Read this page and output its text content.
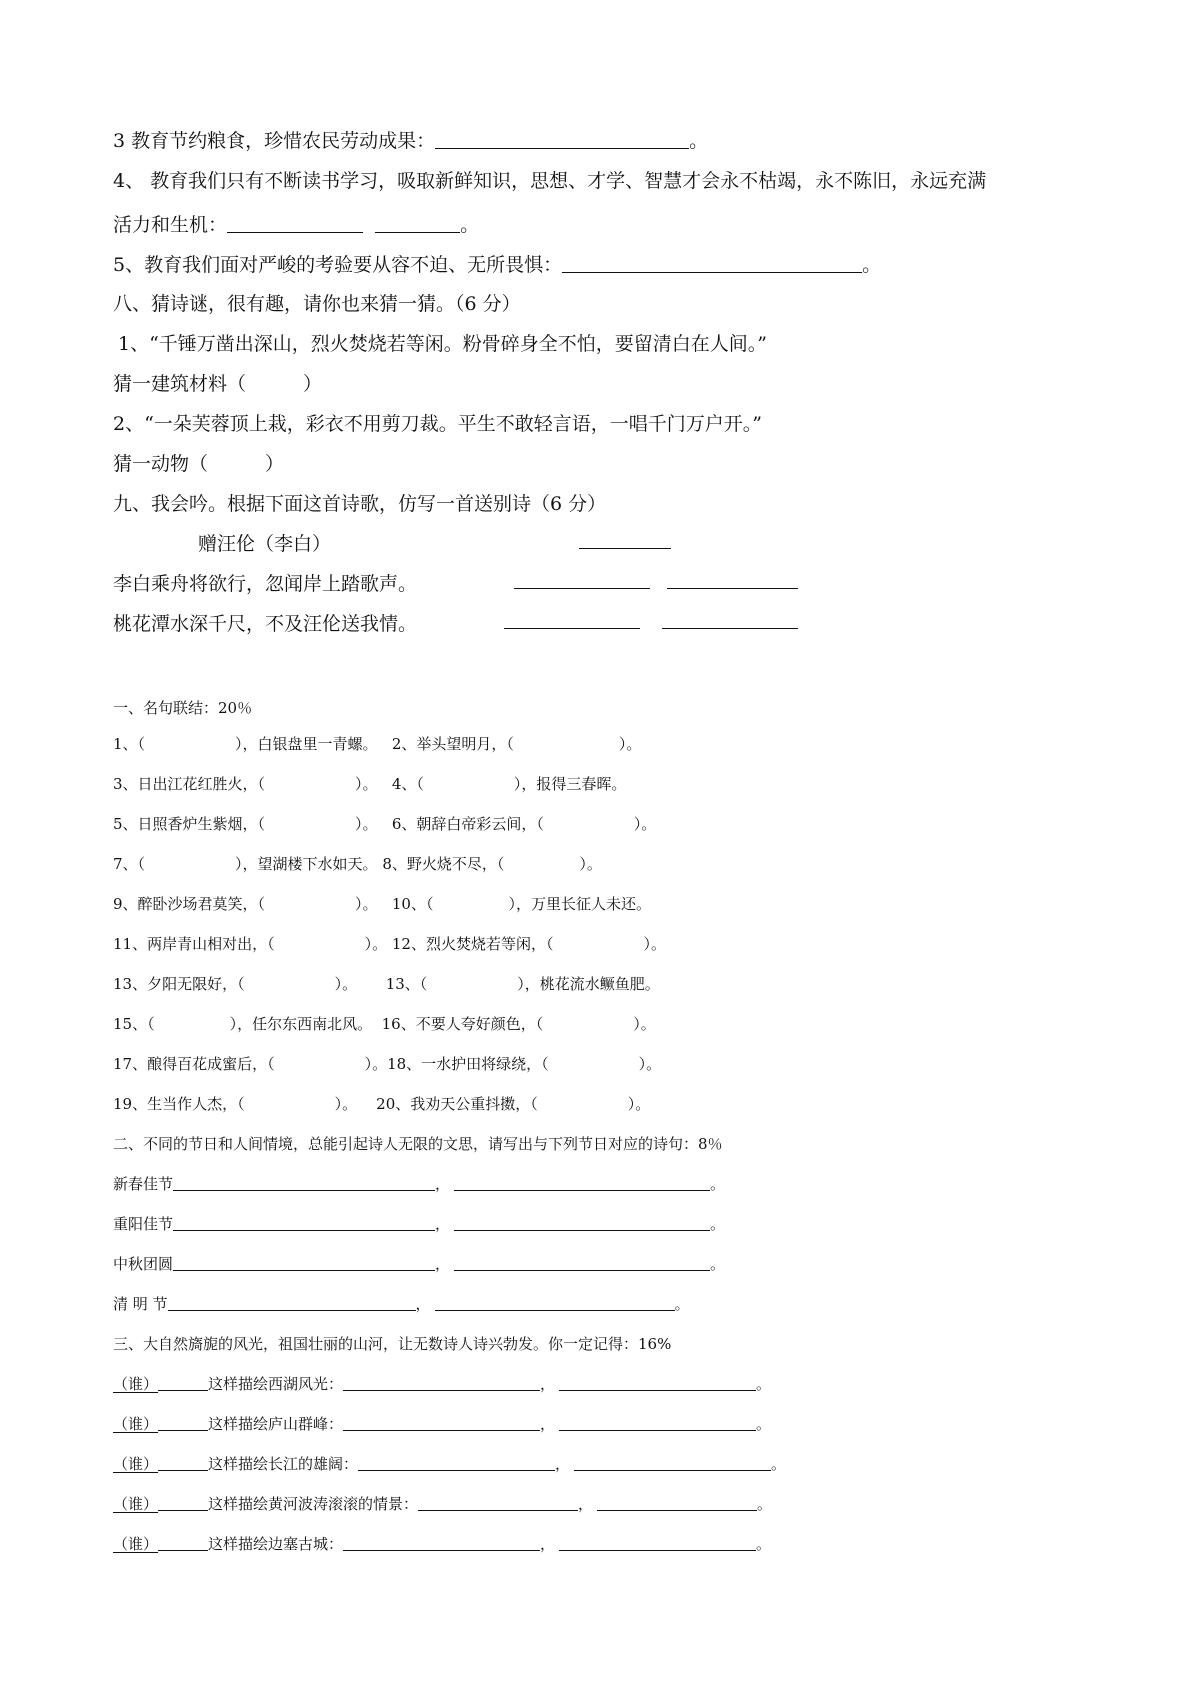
3 教育节约粮食，珍惜农民劳动成果：	。
4、 教育我们只有不断读书学习，吸取新鲜知识，思想、才学、智慧才会永不枯竭，永不陈旧，永远充满
活力和生机：	。
5、教育我们面对严峻的考验要从容不迫、无所畏惧：	。
八、猜诗谜，很有趣，请你也来猜一猜。（6 分）
1、“千锤万凿出深山，烈火焚烧若等闲。粉骨碎身全不怕，要留清白在人间。”
猜一建筑材料（　　　）
2、“一朵芙蓉顶上栽，彩衣不用剪刀裁。平生不敢轻言语，一唱千门万户开。”
猜一动物（　　　）
九、我会吟。根据下面这首诗歌，仿写一首送别诗（6 分）
赠汪伦（李白）
李白乘舟将欲行，忽闻岸上踏歌声。
桃花潭水深千尺，不及汪伦送我情。
一、名句联结：20％
1、（　　　　　　），白银盘里一青螺。 2、举头望明月，（　　　　　　　）。
3、日出江花红胜火，（　　　　　　）。 4、（　　　　　　），报得三春晖。
5、日照香炉生紫烟，（　　　　　　）。 6、朝辞白帝彩云间，（　　　　　　）。
7、（　　　　　　），望湖楼下水如天。 8、野火烧不尽，（　　　　　）。
9、醉卧沙场君莫笑，（　　　　　　）。 10、（　　　　　），万里长征人未还。
11、两岸青山相对出，（　　　　　　）。 12、烈火焚烧若等闲，（　　　　　　）。
13、夕阳无限好，（　　　　　　）。 13、（　　　　　　），桃花流水鳜鱼肥。
15、（　　　　　），任尔东西南北风。 16、不要人夸好颜色，（　　　　　　）。
17、酿得百花成蜜后，（　　　　　　）。18、一水护田将绿绕，（　　　　　　）。
19、生当作人杰，（　　　　　　）。 20、我劝天公重抖擞，（　　　　　　）。
二、不同的节日和人间情境，总能引起诗人无限的文思，请写出与下列节日对应的诗句：8％
新春佳节	，	。
重阳佳节	，	。
中秋团圆	，	。
清 明 节	，	。
三、大自然旖旎的风光，祖国壮丽的山河，让无数诗人诗兴勃发。你一定记得：16%
（谁）	这样描绘西湖风光：	，	。
（谁）	这样描绘庐山群峰：	，	。
（谁）	这样描绘长江的雄阔：	，	。
（谁）	这样描绘黄河波涛滚滚的情景：	，	。
（谁）	这样描绘边塞古城：	，	。
